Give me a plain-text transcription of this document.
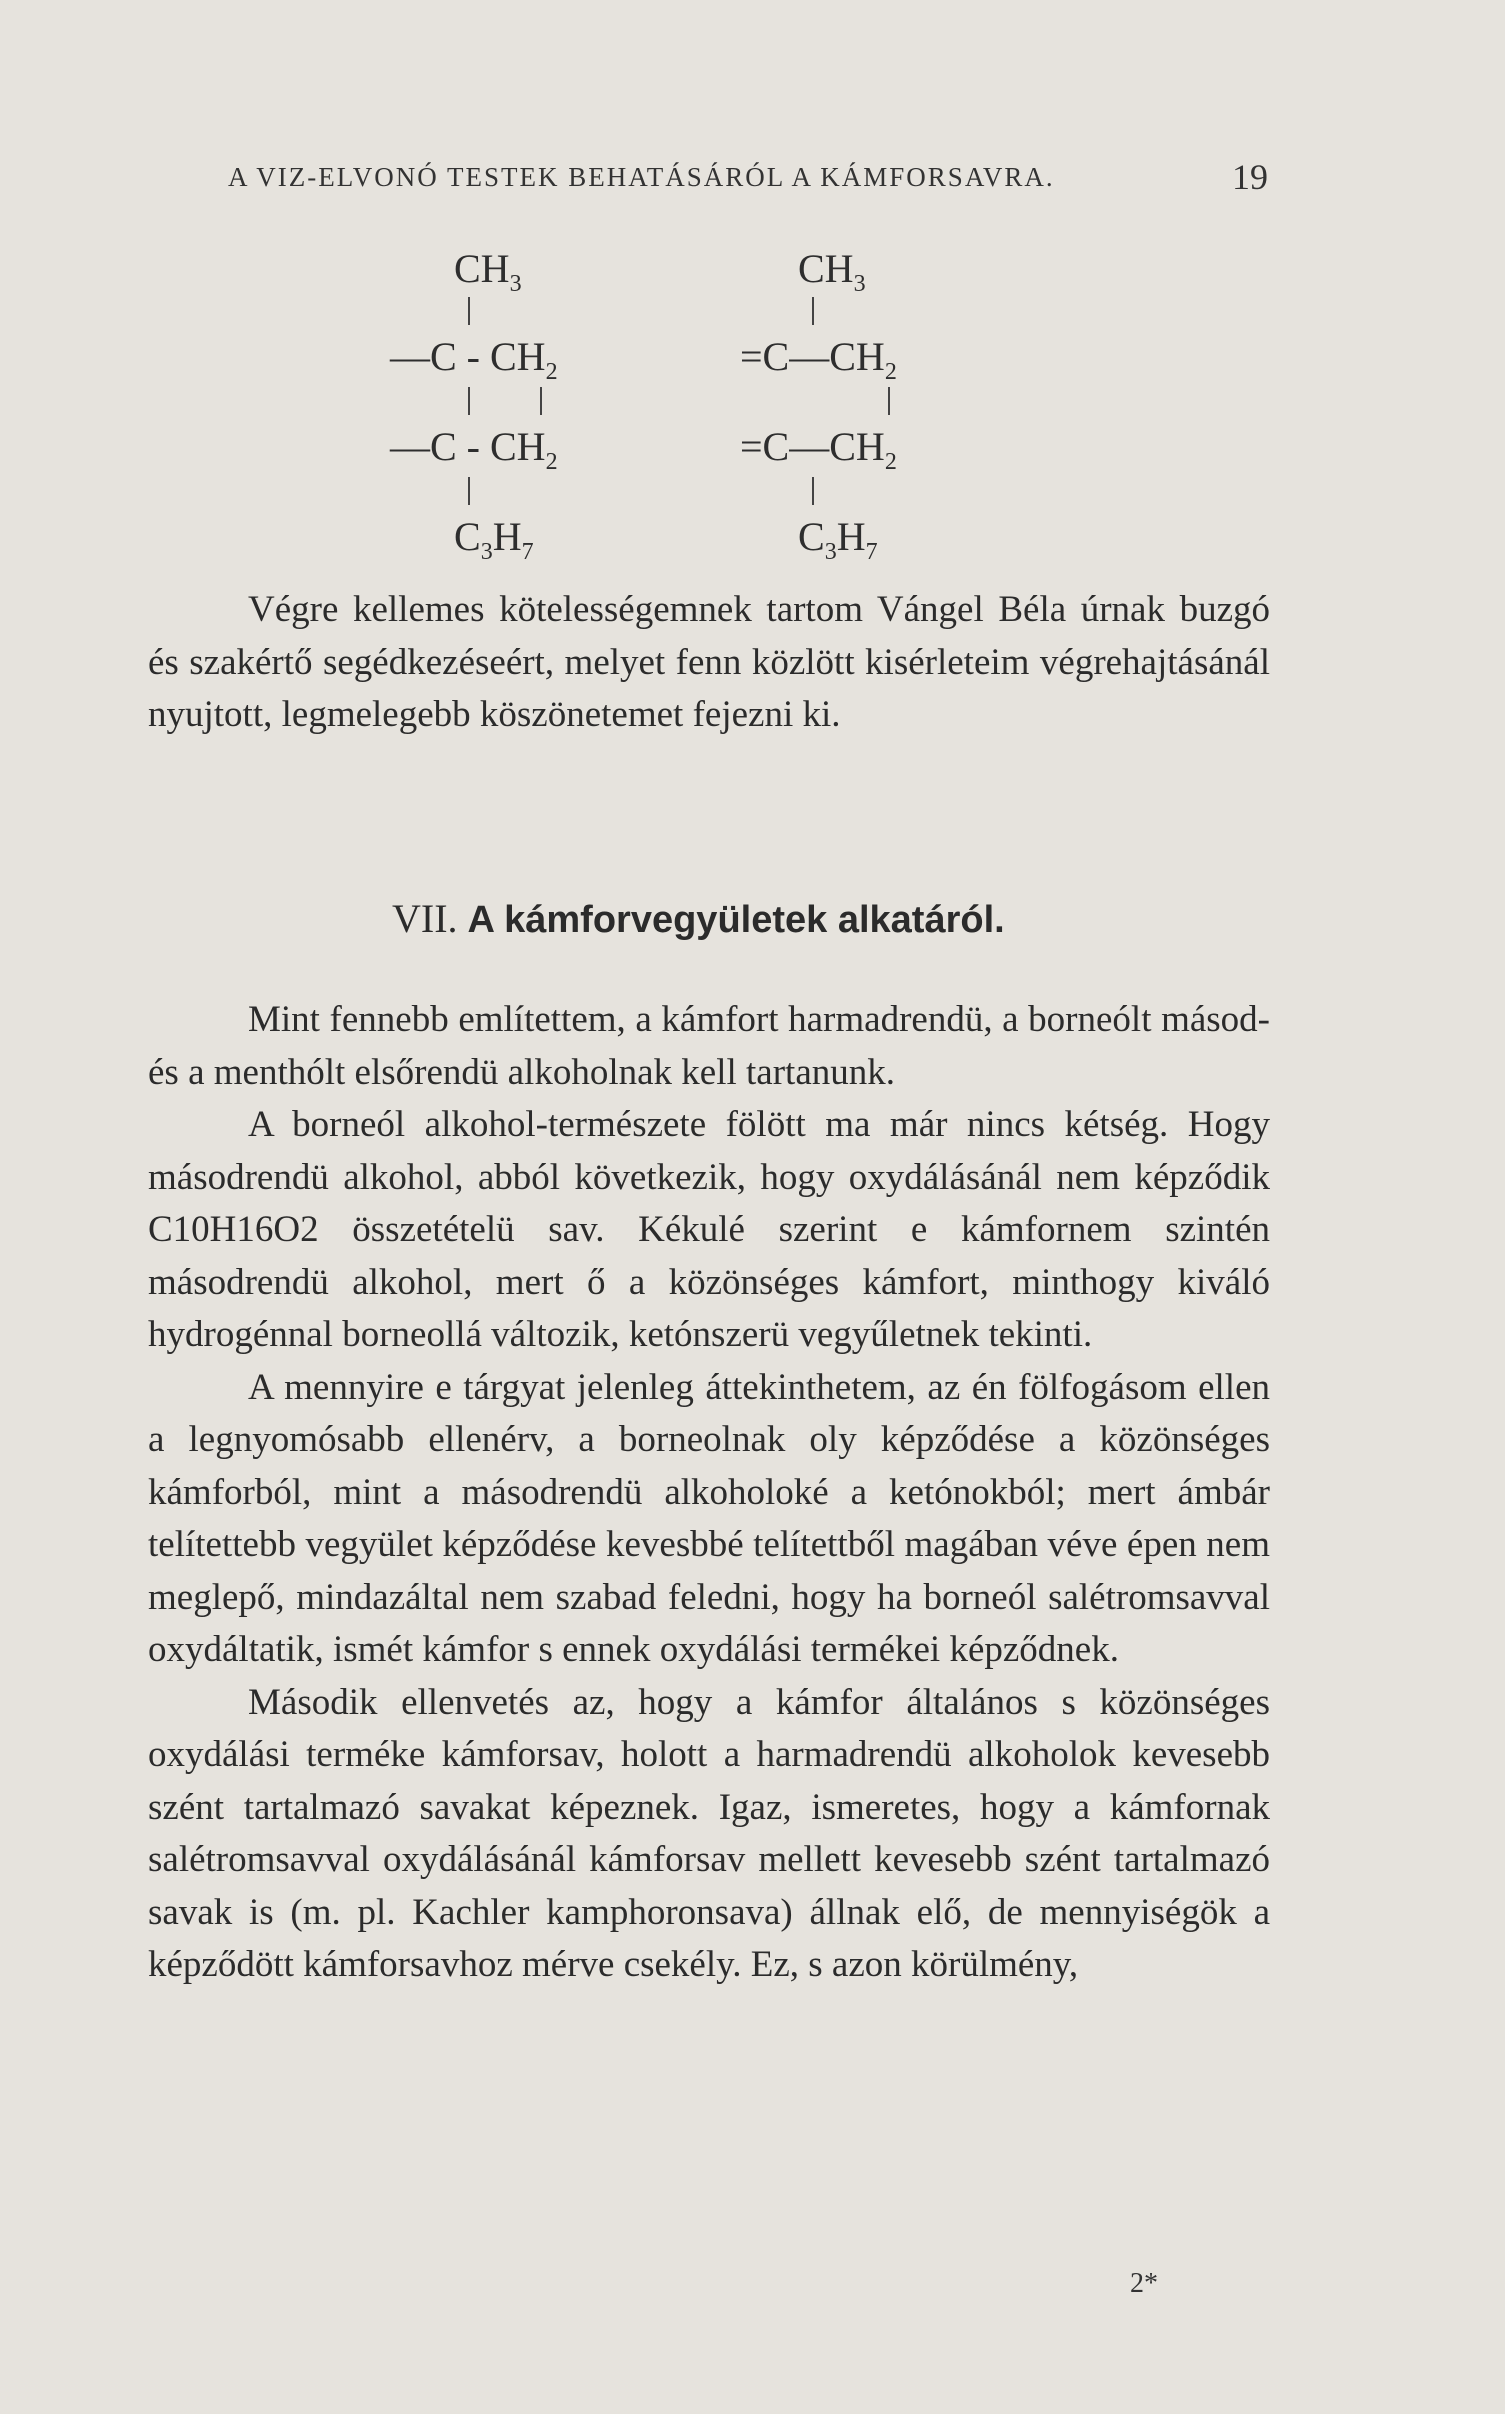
A VIZ-ELVONÓ TESTEK BEHATÁSÁRÓL A KÁMFORSAVRA.	19
$CH_3$
—C - $CH_2$
—C - $CH_2$
$C_3H_7$
$CH_3$
$=C—CH_2$
$=C—CH_2$
$C_3H_7$

Végre kellemes kötelességemnek tartom Vángel Béla úrnak buzgó és szakértő segédkezéseért, melyet fenn közlött kisérleteim végrehajtásánál nyujtott, legmelegebb köszönetemet fejezni ki.

VII. A kámforvegyületek alkatáról.

Mint fennebb említettem, a kámfort harmadrendü, a borneólt másod- és a menthólt elsőrendü alkoholnak kell tartanunk.

A borneól alkohol-természete fölött ma már nincs kétség. Hogy másodrendü alkohol, abból következik, hogy oxydálásánál nem képződik C10H16O2 összetételü sav. Kékulé szerint e kámfornem szintén másodrendü alkohol, mert ő a közönséges kámfort, minthogy kiváló hydrogénnal borneollá változik, ketónszerü vegyűletnek tekinti.

A mennyire e tárgyat jelenleg áttekinthetem, az én fölfogásom ellen a legnyomósabb ellenérv, a borneolnak oly képződése a közönséges kámforból, mint a másodrendü alkoholoké a ketónokból; mert ámbár telítettebb vegyület képződése kevesbbé telítettből magában véve épen nem meglepő, mindazáltal nem szabad feledni, hogy ha borneól salétromsavval oxydáltatik, ismét kámfor s ennek oxydálási termékei képződnek.

Második ellenvetés az, hogy a kámfor általános s közönséges oxydálási terméke kámforsav, holott a harmadrendü alkoholok kevesebb szént tartalmazó savakat képeznek. Igaz, ismeretes, hogy a kámfornak salétromsavval oxydálásánál kámforsav mellett kevesebb szént tartalmazó savak is (m. pl. Kachler kamphoronsava) állnak elő, de mennyiségök a képződött kámforsavhoz mérve csekély. Ez, s azon körülmény,

2*
